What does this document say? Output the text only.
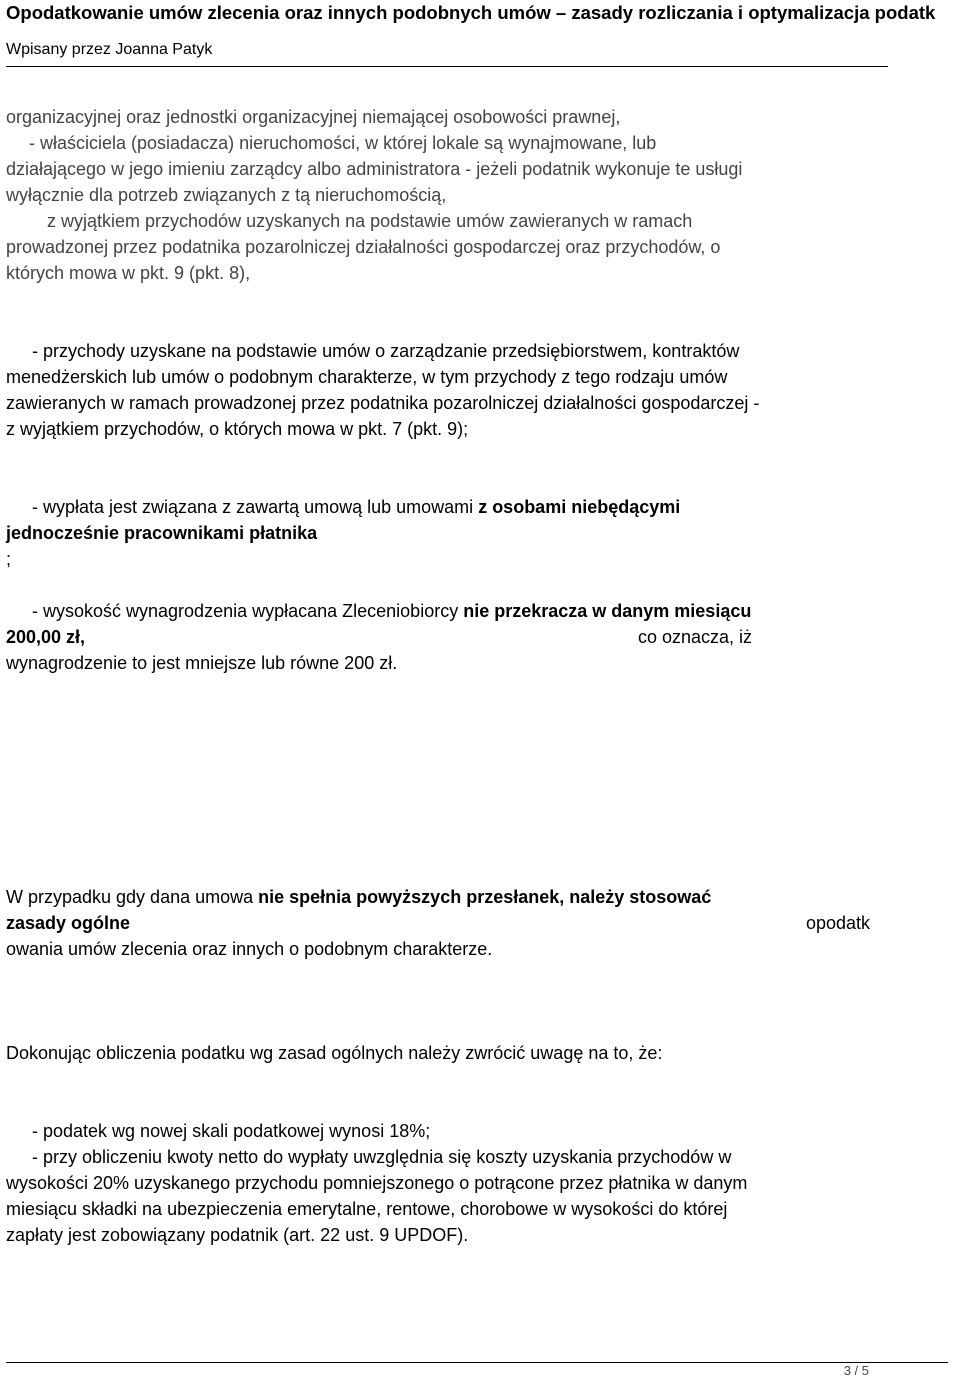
Opodatkowanie umów zlecenia oraz innych podobnych umów – zasady rozliczania i optymalizacja podatk
Wpisany przez Joanna Patyk
organizacyjnej oraz jednostki organizacyjnej niemającej osobowości prawnej,
- właściciela (posiadacza) nieruchomości, w której lokale są wynajmowane, lub
działającego w jego imieniu zarządcy albo administratora - jeżeli podatnik wykonuje te usługi
wyłącznie dla potrzeb związanych z tą nieruchomością,
z wyjątkiem przychodów uzyskanych na podstawie umów zawieranych w ramach
prowadzonej przez podatnika pozarolniczej działalności gospodarczej oraz przychodów, o
których mowa w pkt. 9 (pkt. 8),
- przychody uzyskane na podstawie umów o zarządzanie przedsiębiorstwem, kontraktów
menedżerskich lub umów o podobnym charakterze, w tym przychody z tego rodzaju umów
zawieranych w ramach prowadzonej przez podatnika pozarolniczej działalności gospodarczej -
z wyjątkiem przychodów, o których mowa w pkt. 7 (pkt. 9);
- wypłata jest związana z zawartą umową lub umowami z osobami niebędącymi
jednocześnie pracownikami płatnika
;
- wysokość wynagrodzenia wypłacana Zleceniobiorcy nie przekracza w danym miesiącu
200,00 zł,	co oznacza, iż
wynagrodzenie to jest mniejsze lub równe 200 zł.
W przypadku gdy dana umowa nie spełnia powyższych przesłanek, należy stosować
zasady ogólne	opodatk
owania umów zlecenia oraz innych o podobnym charakterze.
Dokonując obliczenia podatku wg zasad ogólnych należy zwrócić uwagę na to, że:
- podatek wg nowej skali podatkowej wynosi 18%;
- przy obliczeniu kwoty netto do wypłaty uwzględnia się koszty uzyskania przychodów w
wysokości 20% uzyskanego przychodu pomniejszonego o potrącone przez płatnika w danym
miesiącu składki na ubezpieczenia emerytalne, rentowe, chorobowe w wysokości do której
zapłaty jest zobowiązany podatnik (art. 22 ust. 9 UPDOF).
3 / 5
